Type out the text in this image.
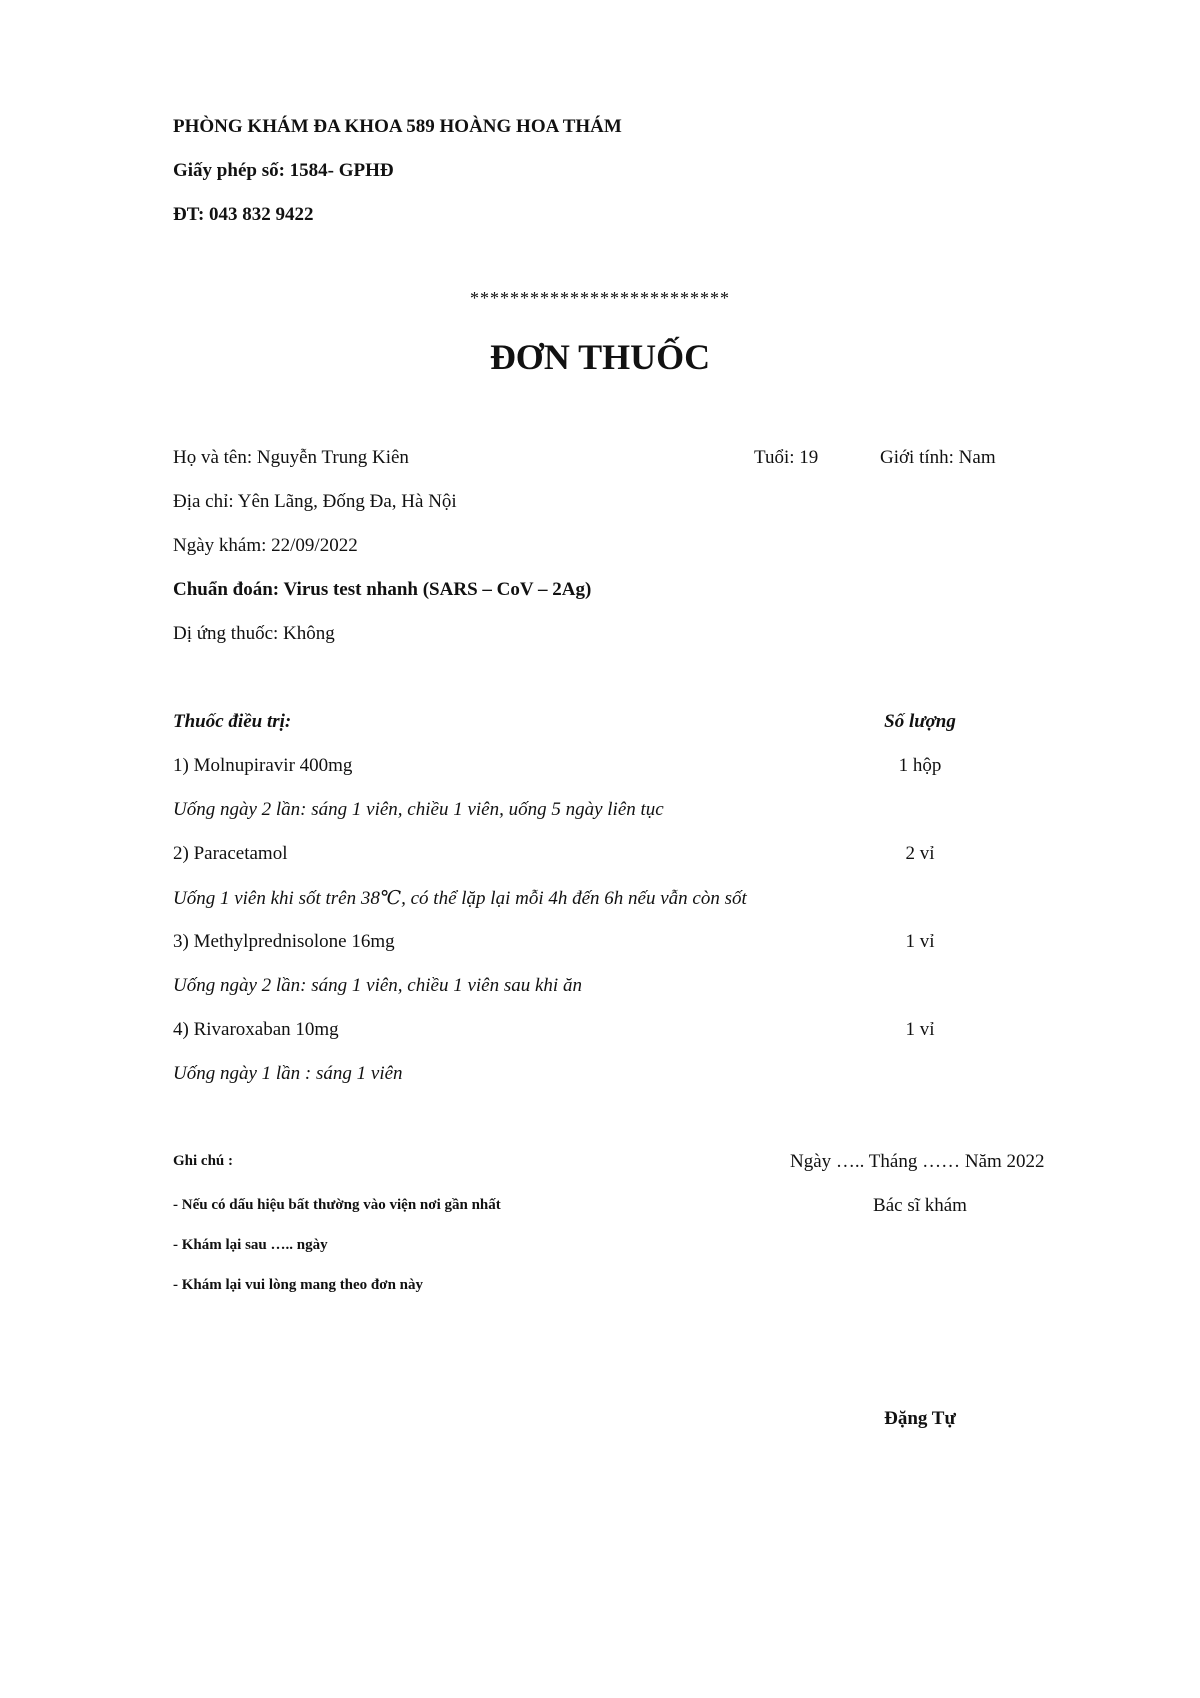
PHÒNG KHÁM ĐA KHOA 589 HOÀNG HOA THÁM
Giấy phép số: 1584- GPHĐ
ĐT: 043 832 9422
**************************
ĐƠN THUỐC
Họ và tên: Nguyễn Trung Kiên	Tuổi: 19	Giới tính: Nam
Địa chỉ: Yên Lãng, Đống Đa, Hà Nội
Ngày khám: 22/09/2022
Chuẩn đoán: Virus test nhanh (SARS – CoV – 2Ag)
Dị ứng thuốc: Không
Thuốc điều trị:	Số lượng
1) Molnupiravir 400mg	1 hộp
Uống ngày 2 lần: sáng 1 viên, chiều 1 viên, uống 5 ngày liên tục
2) Paracetamol	2 vỉ
Uống 1 viên khi sốt trên 38℃, có thể lặp lại mỗi 4h đến 6h nếu vẫn còn sốt
3) Methylprednisolone 16mg	1 vỉ
Uống ngày 2 lần: sáng 1 viên, chiều 1 viên sau khi ăn
4) Rivaroxaban 10mg	1 vỉ
Uống ngày 1 lần : sáng 1 viên
Ghi chú :
- Nếu có dấu hiệu bất thường vào viện nơi gần nhất
- Khám lại sau ….. ngày
- Khám lại vui lòng mang theo đơn này
Ngày ….. Tháng …… Năm 2022
Bác sĩ khám
Đặng Tự
